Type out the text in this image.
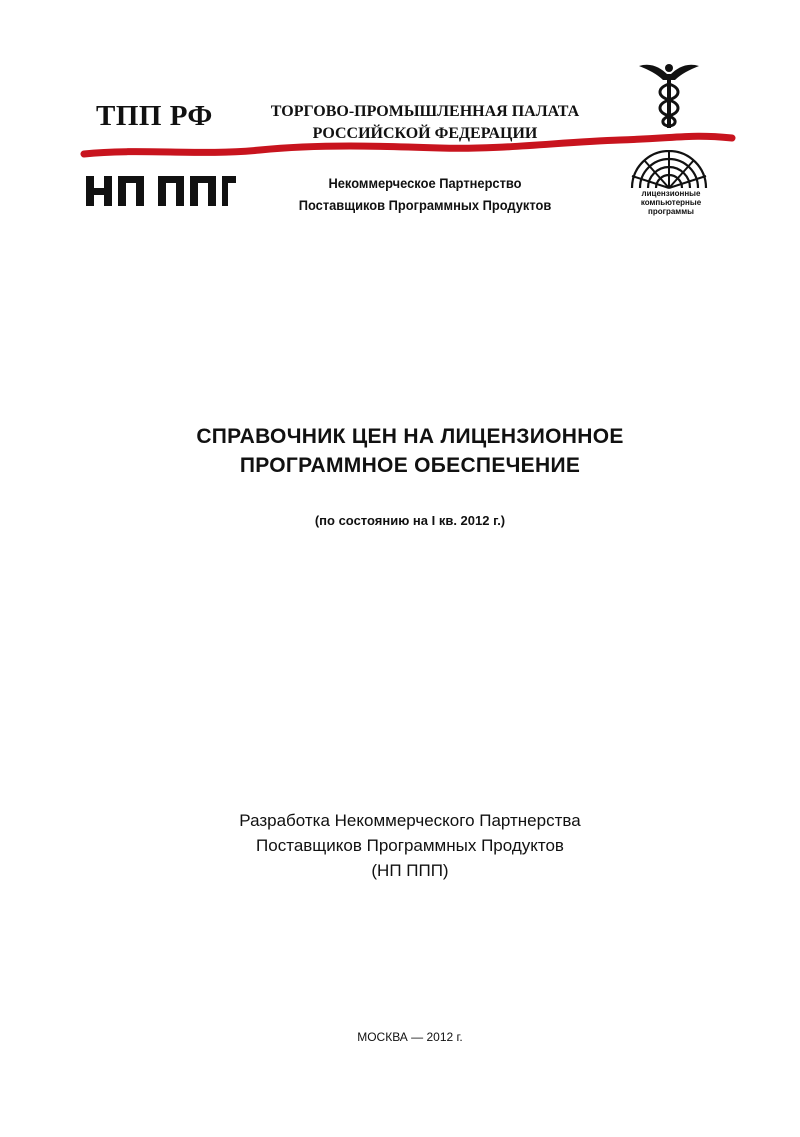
ТПП РФ	ТОРГОВО-ПРОМЫШЛЕННАЯ ПАЛАТА
РОССИЙСКОЙ ФЕДЕРАЦИИ
Некоммерческое Партнерство
Поставщиков Программных Продуктов
лицензионные
компьютерные
программы
СПРАВОЧНИК ЦЕН НА ЛИЦЕНЗИОННОЕ
ПРОГРАММНОЕ ОБЕСПЕЧЕНИЕ
(по состоянию на I кв. 2012 г.)
Разработка Некоммерческого Партнерства
Поставщиков Программных Продуктов
(НП ППП)
МОСКВА — 2012 г.
